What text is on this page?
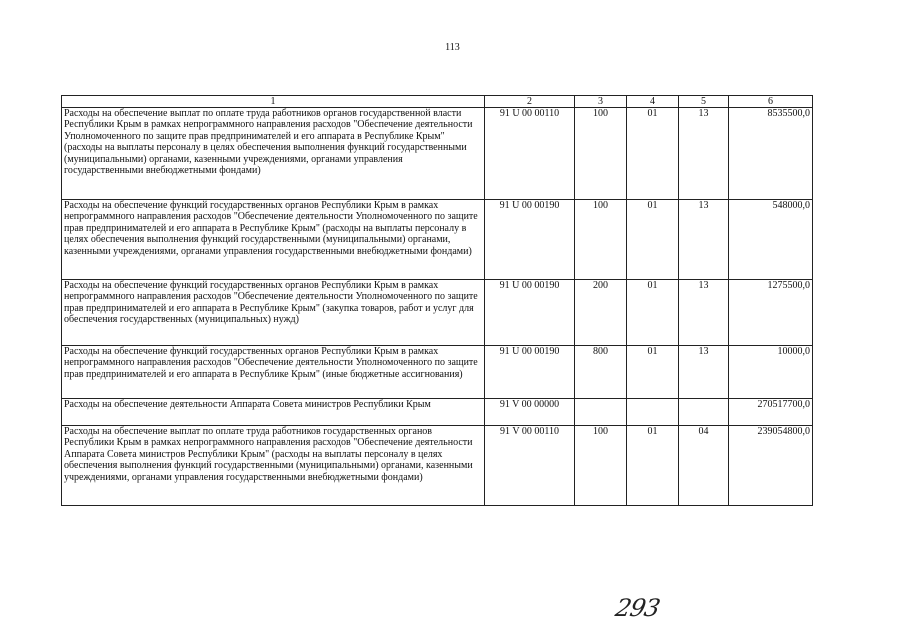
113
1	2	3	4	5	6
Расходы на обеспечение выплат по оплате труда работников органов государственной власти Республики Крым в рамках непрограммного направления расходов "Обеспечение деятельности Уполномоченного по защите прав предпринимателей и его аппарата в Республике Крым" (расходы на выплаты персоналу в целях обеспечения выполнения функций государственными (муниципальными) органами, казенными учреждениями, органами управления государственными внебюджетными фондами)	91 U 00 00110	100	01	13	8535500,0
Расходы на обеспечение функций государственных органов Республики Крым в рамках непрограммного направления расходов "Обеспечение деятельности Уполномоченного по защите прав предпринимателей и его аппарата в Республике Крым" (расходы на выплаты персоналу в целях обеспечения выполнения функций государственными (муниципальными) органами, казенными учреждениями, органами управления государственными внебюджетными фондами)	91 U 00 00190	100	01	13	548000,0
Расходы на обеспечение функций государственных органов Республики Крым в рамках непрограммного направления расходов "Обеспечение деятельности Уполномоченного по защите прав предпринимателей и его аппарата в Республике Крым" (закупка товаров, работ и услуг для обеспечения государственных (муниципальных) нужд)	91 U 00 00190	200	01	13	1275500,0
Расходы на обеспечение функций государственных органов Республики Крым в рамках непрограммного направления расходов "Обеспечение деятельности Уполномоченного по защите прав предпринимателей и его аппарата в Республике Крым" (иные бюджетные ассигнования)	91 U 00 00190	800	01	13	10000,0
Расходы на обеспечение деятельности Аппарата Совета министров Республики Крым	91 V 00 00000				270517700,0
Расходы на обеспечение выплат по оплате труда работников государственных органов Республики Крым в рамках непрограммного направления расходов "Обеспечение деятельности Аппарата Совета министров Республики Крым" (расходы на выплаты персоналу в целях обеспечения выполнения функций государственными (муниципальными) органами, казенными учреждениями, органами управления государственными внебюджетными фондами)	91 V 00 00110	100	01	04	239054800,0
293
